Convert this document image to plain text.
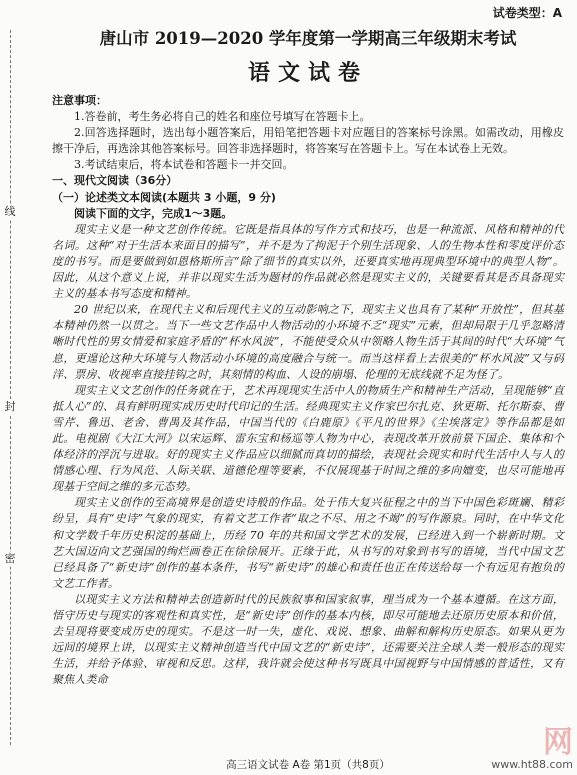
线
封
密
试卷类型：A
唐山市 2019—2020 学年度第一学期高三年级期末考试
语文试卷

注意事项：

1.答卷前，考生务必将自己的姓名和座位号填写在答题卡上。

2.回答选择题时，选出每小题答案后，用铅笔把答题卡对应题目的答案标号涂黑。如需改动，用橡皮擦干净后，再选涂其他答案标号。回答非选择题时，将答案写在答题卡上。写在本试卷上无效。

3.考试结束后，将本试卷和答题卡一并交回。

一、现代文阅读（36分）

（一）论述类文本阅读(本题共 3 小题，9 分)

阅读下面的文字，完成1～3题。

现实主义是一种文艺创作传统。它既是指具体的写作方式和技巧，也是一种流派、风格和精神的代名词。这种“对于生活本来面目的描写”，并不是为了拘泥于个别生活现象、人的生物本性和零度评价态度的书写。而是要做到如恩格斯所言“除了细节的真实以外，还要真实地再现典型环境中的典型人物”。因此，从这个意义上说，并非以现实生活为题材的作品就必然是现实主义的，关键要看其是否具备现实主义的基本书写态度和精神。

20 世纪以来，在现代主义和后现代主义的互动影响之下，现实主义也具有了某种“开放性”，但其基本精神仍然一以贯之。当下一些文艺作品中人物活动的小环境不乏“现实”元素，但却局限于几乎忽略清晰时代性的男女情爱和家庭矛盾的“杯水风波”，不能使受众从中领略人物生活于其间的时代“大环境”气息，更遑论这种大环境与人物活动小环境的高度融合与统一。而当这样看上去很美的“杯水风波”又与码洋、票房、收视率直接挂钩之时，其刻情的构血、人设的崩塌、伦理的无底线就不足为怪了。

现实主义文艺创作的任务就在于，艺术再现现实生活中人的物质生产和精神生产活动，呈现能够“直抵人心”的、具有鲜明现实成历史时代印记的生活。经典现实主义作家巴尔扎克、狄更斯、托尔斯泰、曹雪芹、鲁迅、老舍、曹禺及其作品，中国当代的《白鹿原》《平凡的世界》《尘埃落定》等作品都是如此。电视剧《大江大河》以宋运辉、雷东宝和杨巡等人物为中心，表现改革开放前景下国企、集体和个体经济的浮沉与进取。好的现实主义作品应以细腻而真切的描绘，表现社会现实和时代生活中人与人的情感心理、行为风范、人际关联、道德伦理等要素，不仅展现基于时间之维的多向嬗变，也尽可能地再现基于空间之维的多元态势。

现实主义创作的至高境界是创造史诗般的作品。处于伟大复兴征程之中的当下中国色彩斑斓、精彩纷呈，具有“史诗”气象的现实，有着文艺工作者“取之不尽、用之不竭”的写作源泉。同时，在中华文化和文学数千年历史积淀的基础上，历经 70 年的共和国文学艺术的发展，已经进入到一个崭新时期。文艺大国迈向文艺强国的绚烂画卷正在徐徐展开。正缘于此，从书写的对象到书写的语境，当代中国文艺已经具备了“新史诗”创作的基本条件，书写“新史诗”的雄心和责任也正在传送给每一个有远见有抱负的文艺工作者。

以现实主义方法和精神去创造新时代的民族叙事和国家叙事，理当成为一个基本遵循。在这方面，悟守历史与现实的客观性和真实性，是“新史诗”创作的基本内核，即尽可能地去还原历史原本和价值，去呈现将要变成历史的现实。不是这一时一失，虚化、戏说、想象、曲解和解构历史原态。如果从更为远间的境界上讲，以现实主义精神创造当代中国文艺的“新史诗”，还需要关注全球人类一般形态的现实生活，并给予体验、审视和反思。这样，我许就会使这种书写既具中国视野与中国情感的普适性，又有聚焦人类命

高三语文试卷 A卷 第1页（共8页）
网
www.ht88.com
